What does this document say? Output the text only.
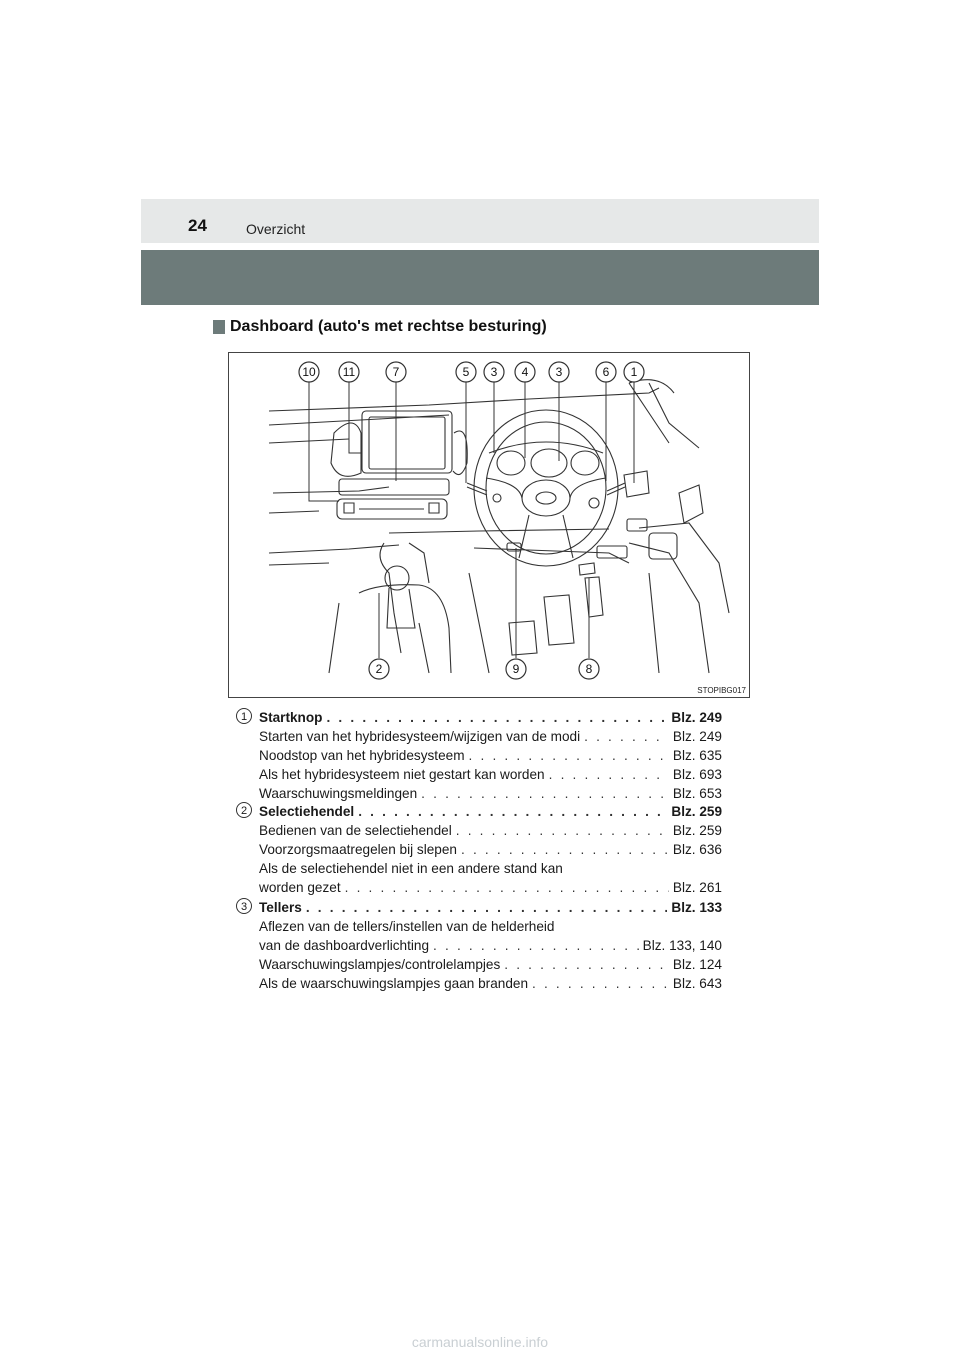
24	Overzicht
Dashboard (auto's met rechtse besturing)
10 11	7	5 3 4 3	6 1
2	9	8
STOPIBG017
1 Startknop . . .	Blz. 249
Starten van het hybridesysteem/wijzigen van de modi . . .	Blz. 249
Noodstop van het hybridesysteem . . .	Blz. 635
Als het hybridesysteem niet gestart kan worden . . .	Blz. 693
Waarschuwingsmeldingen . . .	Blz. 653
2 Selectiehendel . . .	Blz. 259
Bedienen van de selectiehendel . . .	Blz. 259
Voorzorgsmaatregelen bij slepen . . .	Blz. 636
Als de selectiehendel niet in een andere stand kan
worden gezet . . .	Blz. 261
3 Tellers . . .	Blz. 133
Aflezen van de tellers/instellen van de helderheid
van de dashboardverlichting . . .	Blz. 133, 140
Waarschuwingslampjes/controlelampjes . . .	Blz. 124
Als de waarschuwingslampjes gaan branden . . .	Blz. 643
carmanualsonline.info
